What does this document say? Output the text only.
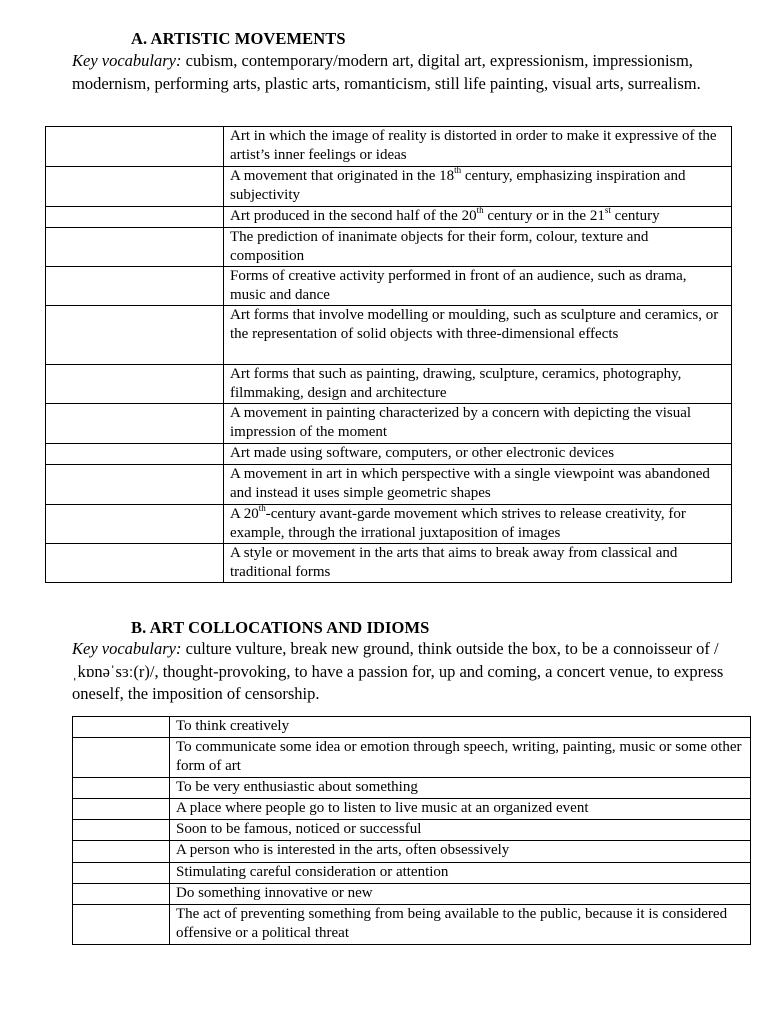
A. ARTISTIC MOVEMENTS
Key vocabulary: cubism, contemporary/modern art, digital art, expressionism, impressionism, modernism, performing arts, plastic arts, romanticism, still life painting, visual arts, surrealism.
	Art in which the image of reality is distorted in order to make it expressive of the artist’s inner feelings or ideas
	A movement that originated in the 18th century, emphasizing inspiration and subjectivity
	Art produced in the second half of the 20th century or in the 21st century
	The prediction of inanimate objects for their form, colour, texture and composition
	Forms of creative activity performed in front of an audience, such as drama, music and dance
	Art forms that involve modelling or moulding, such as sculpture and ceramics, or the representation of solid objects with three-dimensional effects
	Art forms that such as painting, drawing, sculpture, ceramics, photography, filmmaking, design and architecture
	A movement in painting characterized by a concern with depicting the visual impression of the moment
	Art made using software, computers, or other electronic devices
	A movement in art in which perspective with a single viewpoint was abandoned and instead it uses simple geometric shapes
	A 20th-century avant-garde movement which strives to release creativity, for example, through the irrational juxtaposition of images
	A style or movement in the arts that aims to break away from classical and traditional forms
B. ART COLLOCATIONS AND IDIOMS
Key vocabulary: culture vulture, break new ground, think outside the box, to be a connoisseur of /ˌkɒnəˈsɜː(r)/, thought-provoking, to have a passion for, up and coming, a concert venue, to express oneself, the imposition of censorship.
	To think creatively
	To communicate some idea or emotion through speech, writing, painting, music or some other form of art
	To be very enthusiastic about something
	A place where people go to listen to live music at an organized event
	Soon to be famous, noticed or successful
	A person who is interested in the arts, often obsessively
	Stimulating careful consideration or attention
	Do something innovative or new
	The act of preventing something from being available to the public, because it is considered offensive or a political threat
